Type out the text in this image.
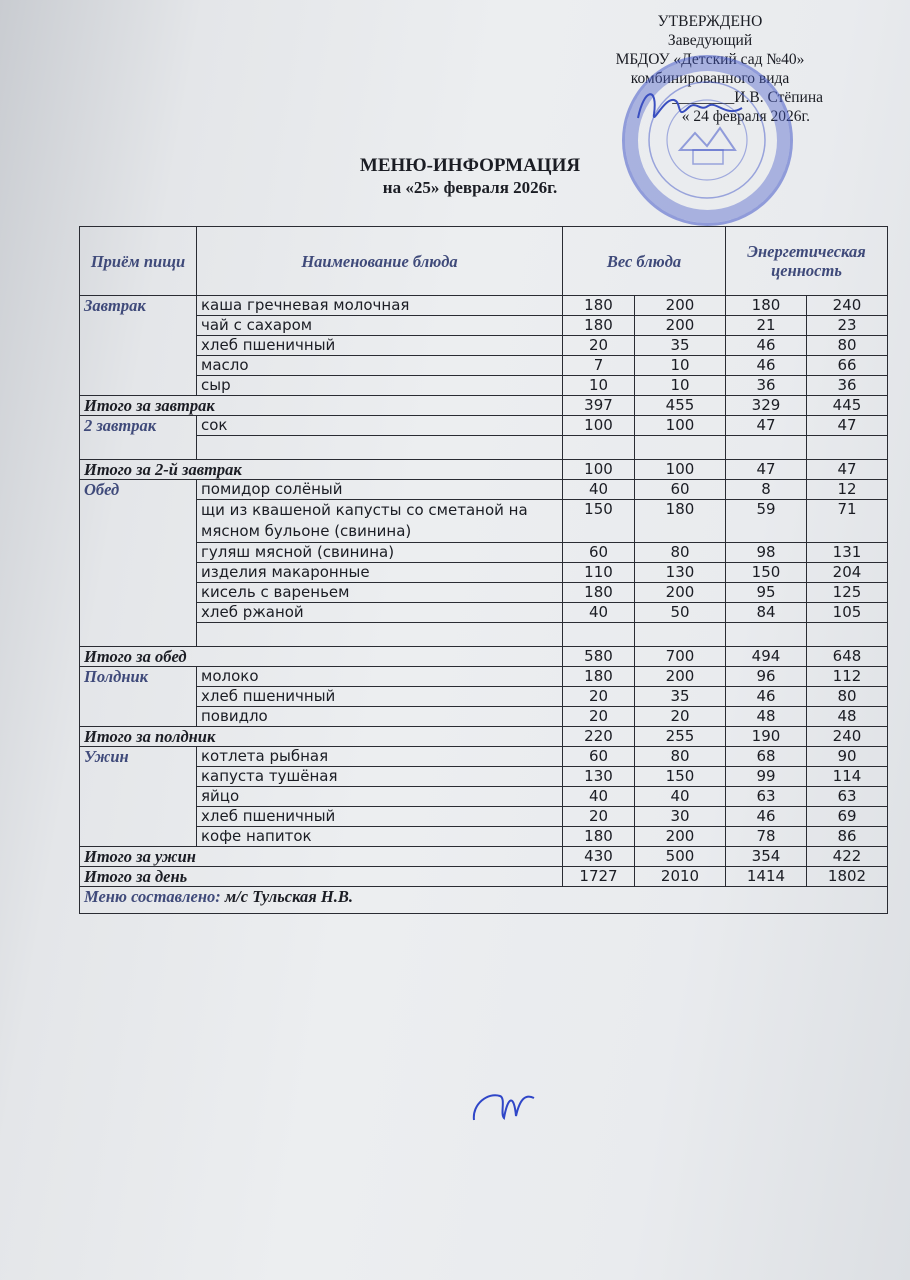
УТВЕРЖДЕНО
Заведующий
МБДОУ «Детский сад №40»
комбинированного вида
________И.В. Стёпина
« 24 февраля 2026г.
МЕНЮ-ИНФОРМАЦИЯ
на «25» февраля 2026г.
Приём пищи	Наименование блюда	Вес блюда		Энергетическая ценность	
Завтрак	каша гречневая молочная	180	200	180	240
	чай с сахаром	180	200	21	23
	хлеб пшеничный	20	35	46	80
	масло	7	10	46	66
	сыр	10	10	36	36
Итого за завтрак		397	455	329	445
2 завтрак	сок	100	100	47	47

Итого за 2-й завтрак		100	100	47	47
Обед	помидор солёный	40	60	8	12
	щи из квашеной капусты со сметаной на мясном бульоне (свинина)	150	180	59	71
	гуляш мясной (свинина)	60	80	98	131
	изделия макаронные	110	130	150	204
	кисель с вареньем	180	200	95	125
	хлеб ржаной	40	50	84	105

Итого за обед		580	700	494	648
Полдник	молоко	180	200	96	112
	хлеб пшеничный	20	35	46	80
	повидло	20	20	48	48
Итого за полдник		220	255	190	240
Ужин	котлета рыбная	60	80	68	90
	капуста тушёная	130	150	99	114
	яйцо	40	40	63	63
	хлеб пшеничный	20	30	46	69
	кофе напиток	180	200	78	86
Итого за ужин		430	500	354	422
Итого за день		1727	2010	1414	1802
Меню составлено: м/с Тульская Н.В.					
